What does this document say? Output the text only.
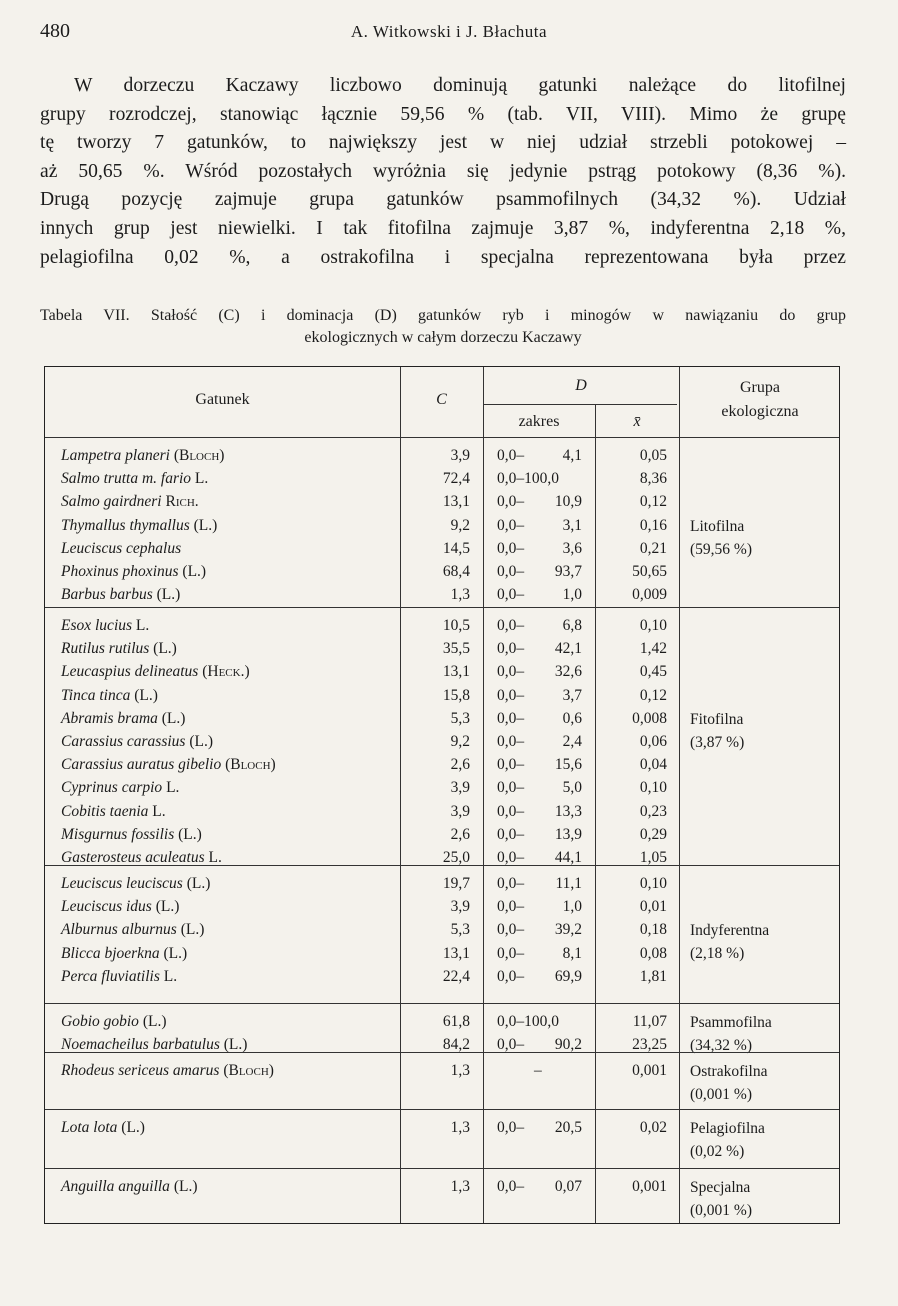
480	A. Witkowski i J. Błachuta
W dorzeczu Kaczawy liczbowo dominują gatunki należące do litofilnej
grupy rozrodczej, stanowiąc łącznie 59,56 % (tab. VII, VIII). Mimo że grupę
tę tworzy 7 gatunków, to największy jest w niej udział strzebli potokowej –
aż 50,65 %. Wśród pozostałych wyróżnia się jedynie pstrąg potokowy (8,36 %).
Drugą pozycję zajmuje grupa gatunków psammofilnych (34,32 %). Udział
innych grup jest niewielki. I tak fitofilna zajmuje 3,87 %, indyferentna 2,18 %,
pelagiofilna 0,02 %, a ostrakofilna i specjalna reprezentowana była przez
Tabela VII. Stałość (C) i dominacja (D) gatunków ryb i minogów w nawiązaniu do grup
ekologicznych w całym dorzeczu Kaczawy
Gatunek	C
D
zakres	x̄
Grupa
ekologiczna
Lampetra planeri (Bloch)	3,9 0,0–	4,1	0,05
Salmo trutta m. fario L.	72,4 0,0–100,0	8,36
Salmo gairdneri Rich.	13,1 0,0–	10,9	0,12
Thymallus thymallus (L.)	9,2 0,0–	3,1	0,16
Leuciscus cephalus	14,5 0,0–	3,6	0,21
Phoxinus phoxinus (L.)	68,4 0,0–	93,7	50,65
Barbus barbus (L.)	1,3 0,0–	1,0	0,009
Litofilna
(59,56 %)
Esox lucius L.	10,5 0,0–	6,8	0,10
Rutilus rutilus (L.)	35,5 0,0–	42,1	1,42
Leucaspius delineatus (Heck.)	13,1 0,0–	32,6	0,45
Tinca tinca (L.)	15,8 0,0–	3,7	0,12
Abramis brama (L.)	5,3 0,0–	0,6	0,008
Carassius carassius (L.)	9,2 0,0–	2,4	0,06
Carassius auratus gibelio (Bloch)	2,6 0,0–	15,6	0,04
Cyprinus carpio L.	3,9 0,0–	5,0	0,10
Cobitis taenia L.	3,9 0,0–	13,3	0,23
Misgurnus fossilis (L.)	2,6 0,0–	13,9	0,29
Gasterosteus aculeatus L.	25,0 0,0–	44,1	1,05
Fitofilna
(3,87 %)
Leuciscus leuciscus (L.)	19,7 0,0–	11,1	0,10
Leuciscus idus (L.)	3,9 0,0–	1,0	0,01
Alburnus alburnus (L.)	5,3 0,0–	39,2	0,18
Blicca bjoerkna (L.)	13,1 0,0–	8,1	0,08
Perca fluviatilis L.	22,4 0,0–	69,9	1,81
Indyferentna
(2,18 %)
Gobio gobio (L.)	61,8 0,0–100,0	11,07
Noemacheilus barbatulus (L.)	84,2 0,0–	90,2	23,25
Psammofilna
(34,32 %)
Rhodeus sericeus amarus (Bloch)	1,3	–	0,001 Ostrakofilna
(0,001 %)
Lota lota (L.)	1,3 0,0–	20,5	0,02 Pelagiofilna
(0,02 %)
Anguilla anguilla (L.)	1,3 0,0–	0,07	0,001 Specjalna
(0,001 %)
